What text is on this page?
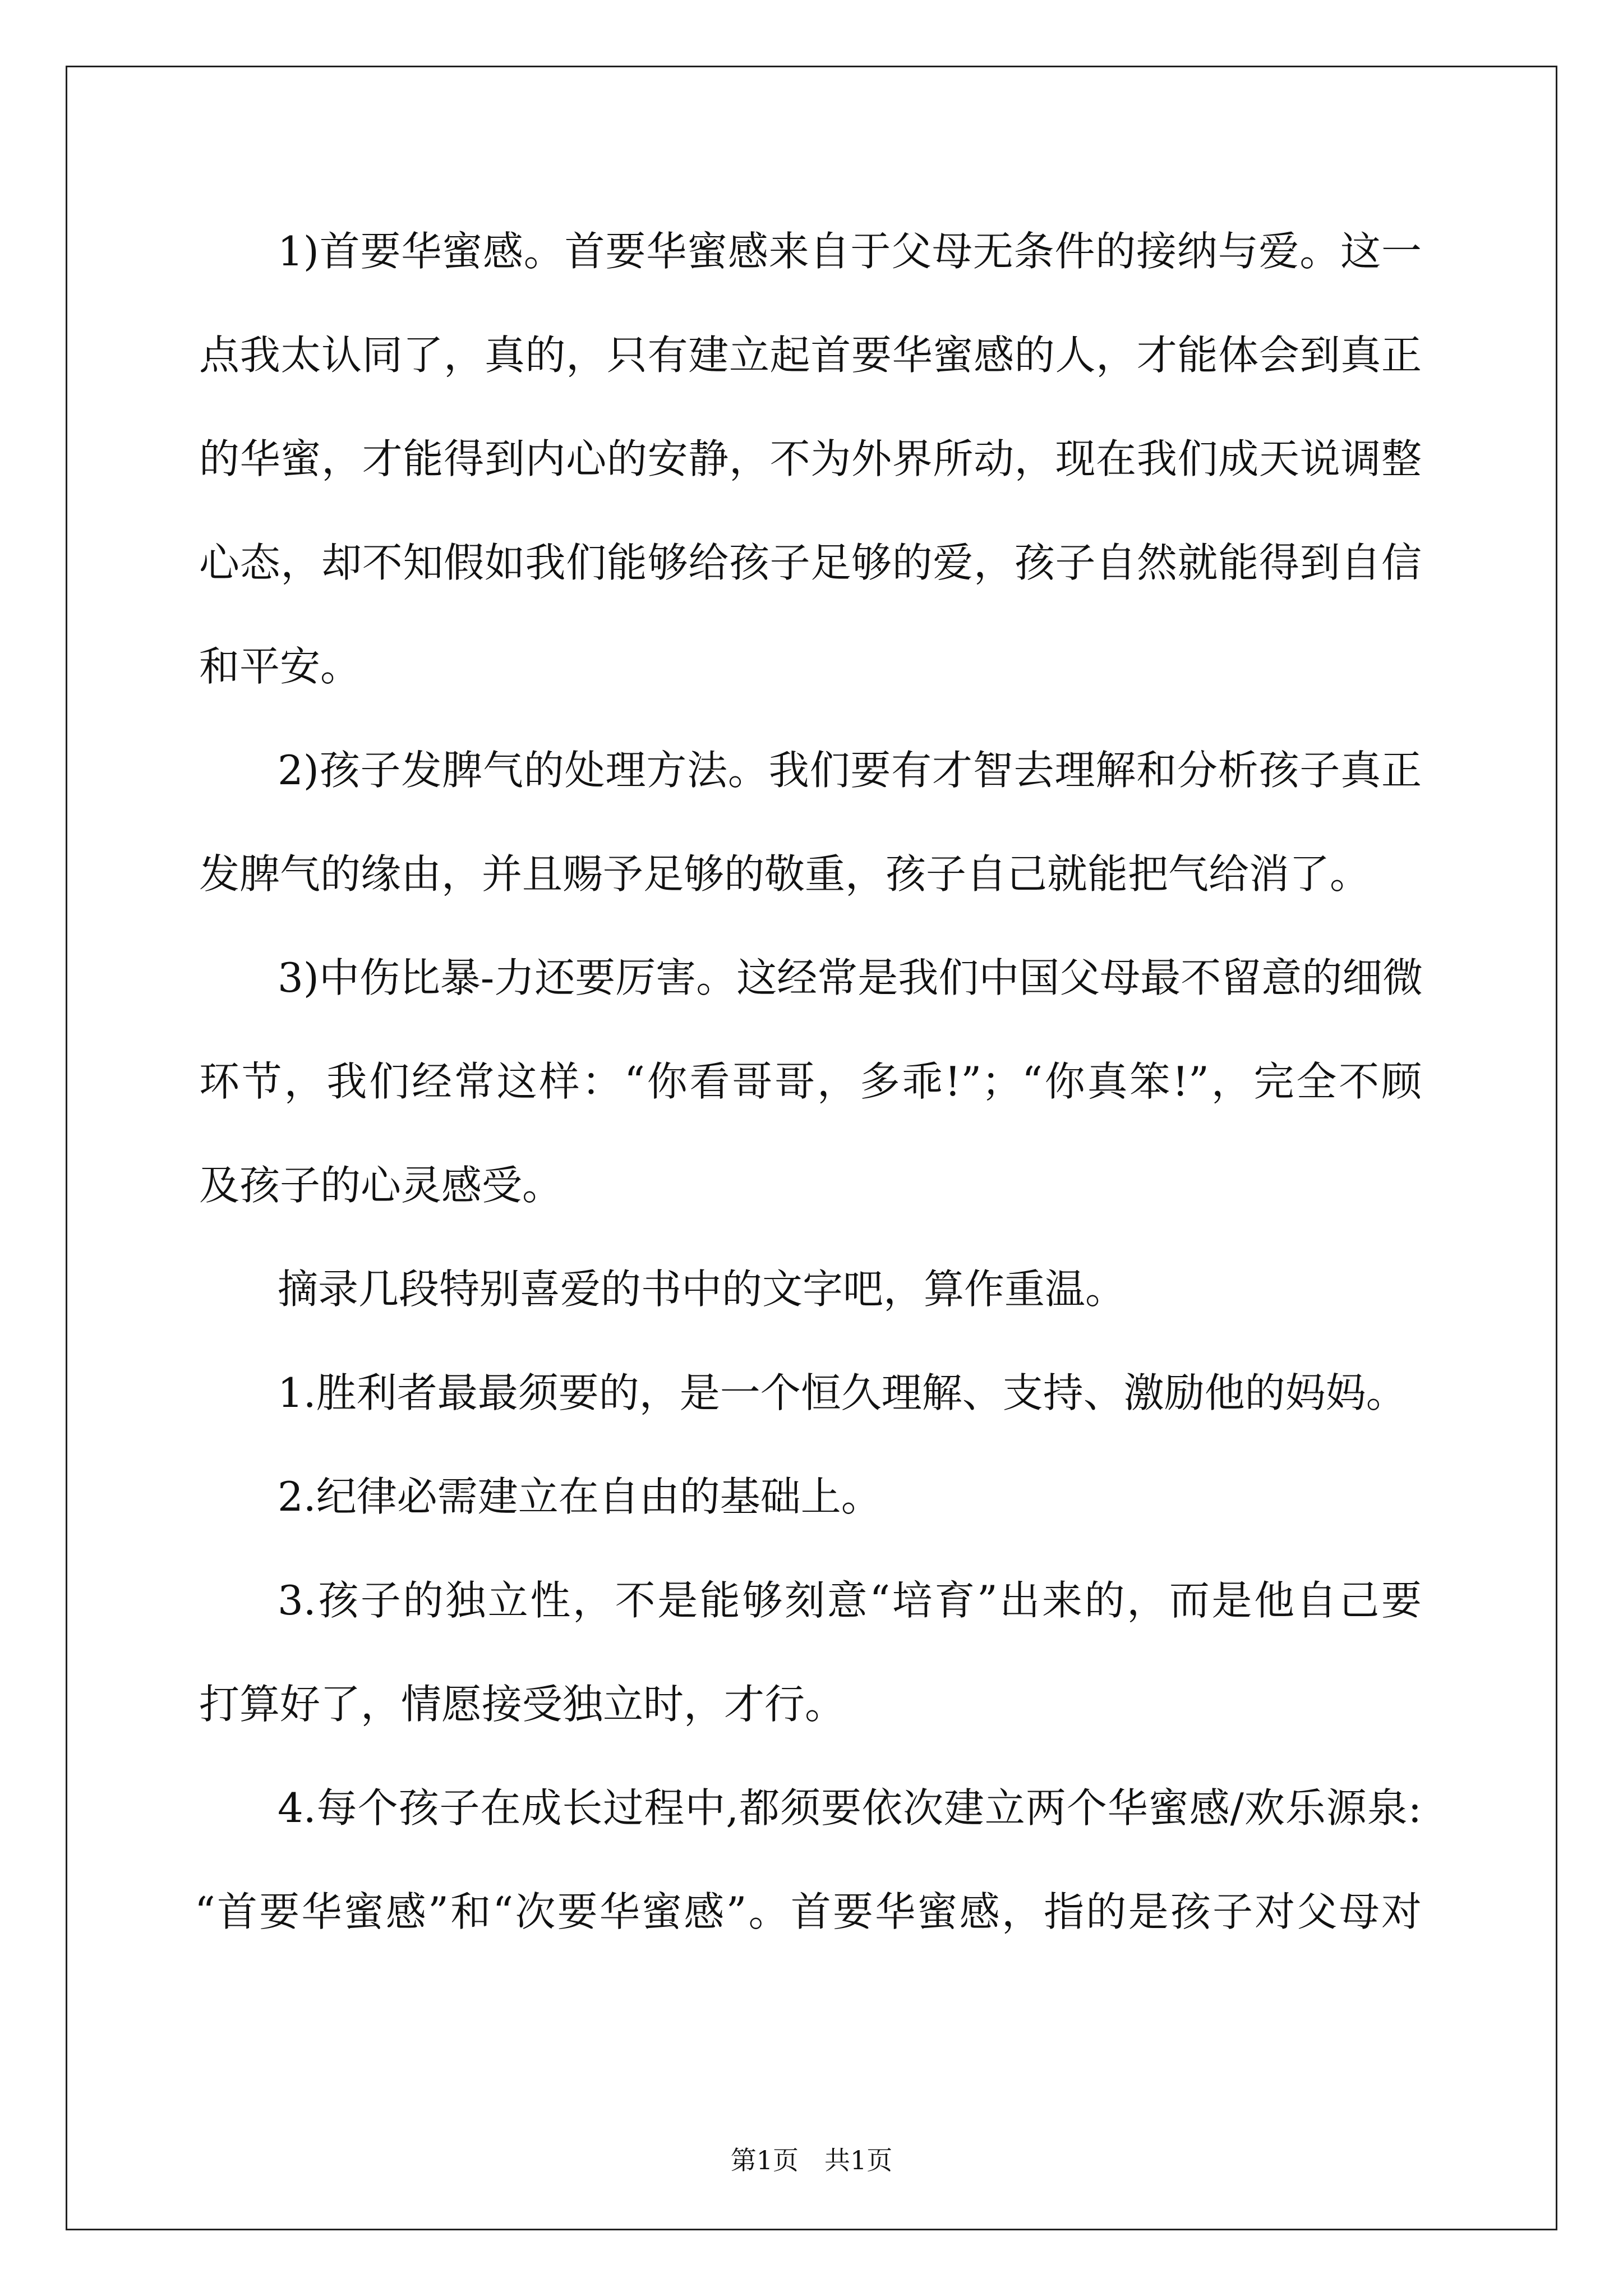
1)首要华蜜感。首要华蜜感来自于父母无条件的接纳与爱。这一
点我太认同了，真的，只有建立起首要华蜜感的人，才能体会到真正
的华蜜，才能得到内心的安静，不为外界所动，现在我们成天说调整
心态，却不知假如我们能够给孩子足够的爱，孩子自然就能得到自信
和平安。
2)孩子发脾气的处理方法。我们要有才智去理解和分析孩子真正
发脾气的缘由，并且赐予足够的敬重，孩子自己就能把气给消了。
3)中伤比暴-力还要厉害。这经常是我们中国父母最不留意的细微
环节，我们经常这样：“你看哥哥，多乖!”；“你真笨!”，完全不顾
及孩子的心灵感受。
摘录几段特别喜爱的书中的文字吧，算作重温。
1.胜利者最最须要的，是一个恒久理解、支持、激励他的妈妈。
2.纪律必需建立在自由的基础上。
3.孩子的独立性，不是能够刻意“培育”出来的，而是他自己要
打算好了，情愿接受独立时，才行。
4.每个孩子在成长过程中,都须要依次建立两个华蜜感/欢乐源泉:
“首要华蜜感”和“次要华蜜感”。首要华蜜感，指的是孩子对父母对
第1页　共1页
